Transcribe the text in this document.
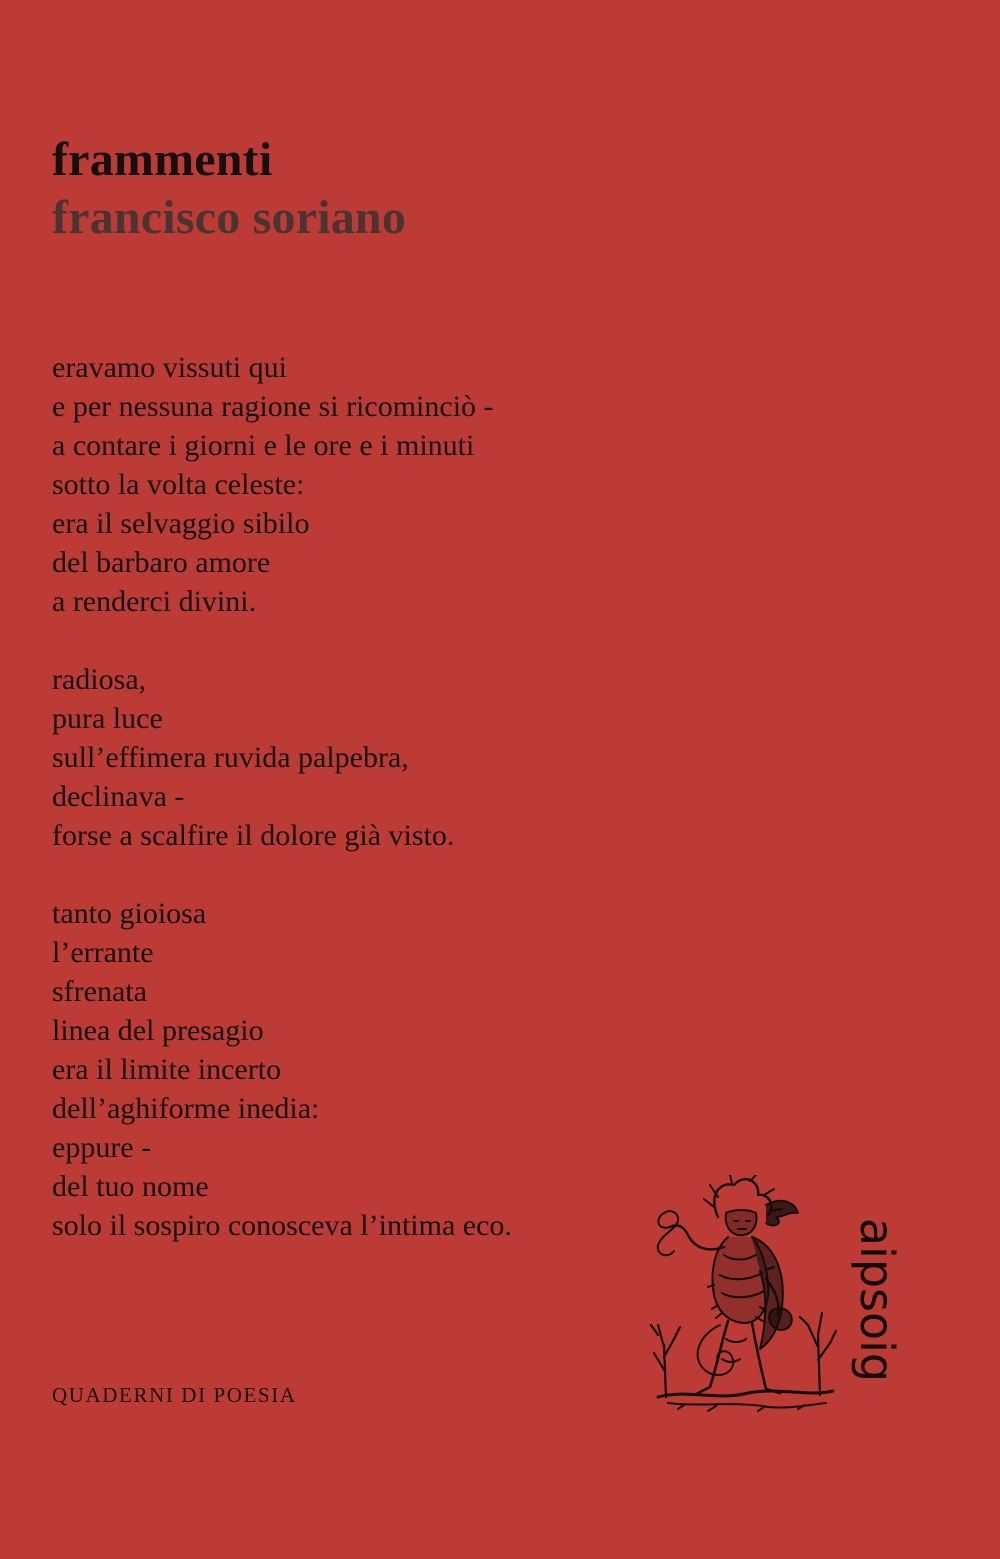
frammenti
francisco soriano
eravamo vissuti qui
e per nessuna ragione si ricominciò -
a contare i giorni e le ore e i minuti
sotto la volta celeste:
era il selvaggio sibilo
del barbaro amore
a renderci divini.
radiosa,
pura luce
sull’effimera ruvida palpebra,
declinava -
forse a scalfire il dolore già visto.
tanto gioiosa
l’errante
sfrenata
linea del presagio
era il limite incerto
dell’aghiforme inedia:
eppure -
del tuo nome
solo il sospiro conosceva l’intima eco.

QUADERNI DI POESIA

aipsoig
